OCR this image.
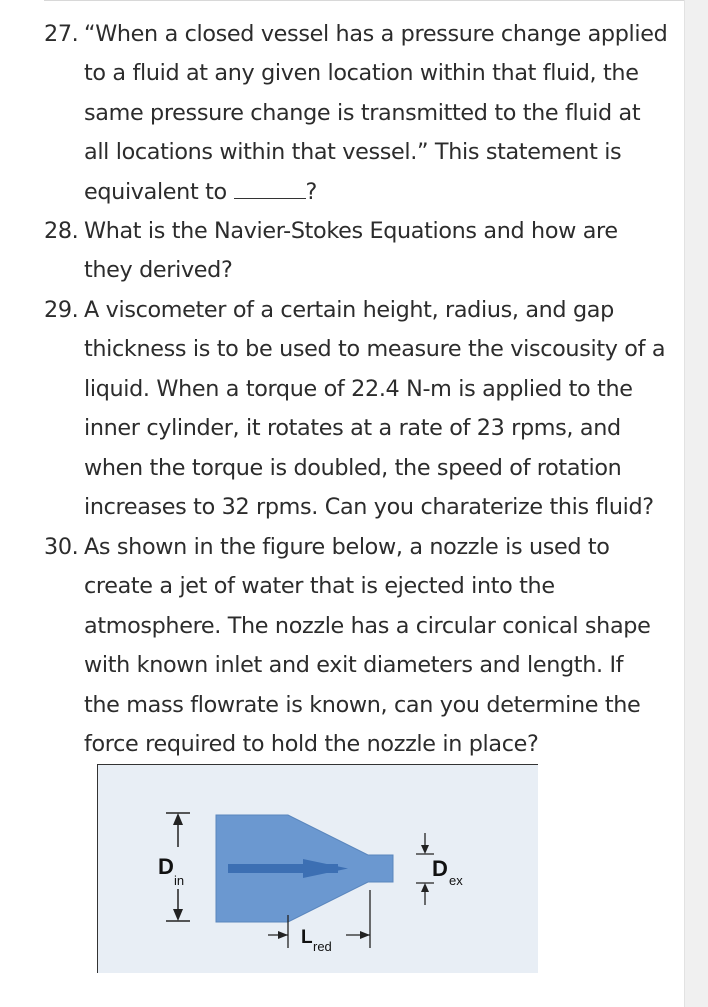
27. “When a closed vessel has a pressure change applied
to a fluid at any given location within that fluid, the
same pressure change is transmitted to the fluid at
all locations within that vessel.” This statement is
equivalent to	?
28. What is the Navier-Stokes Equations and how are
they derived?
29. A viscometer of a certain height, radius, and gap
thickness is to be used to measure the viscousity of a
liquid. When a torque of 22.4 N-m is applied to the
inner cylinder, it rotates at a rate of 23 rpms, and
when the torque is doubled, the speed of rotation
increases to 32 rpms. Can you charaterize this fluid?
30. As shown in the figure below, a nozzle is used to
create a jet of water that is ejected into the
atmosphere. The nozzle has a circular conical shape
with known inlet and exit diameters and length. If
the mass flowrate is known, can you determine the
force required to hold the nozzle in place?
D
in	D ex
L red
